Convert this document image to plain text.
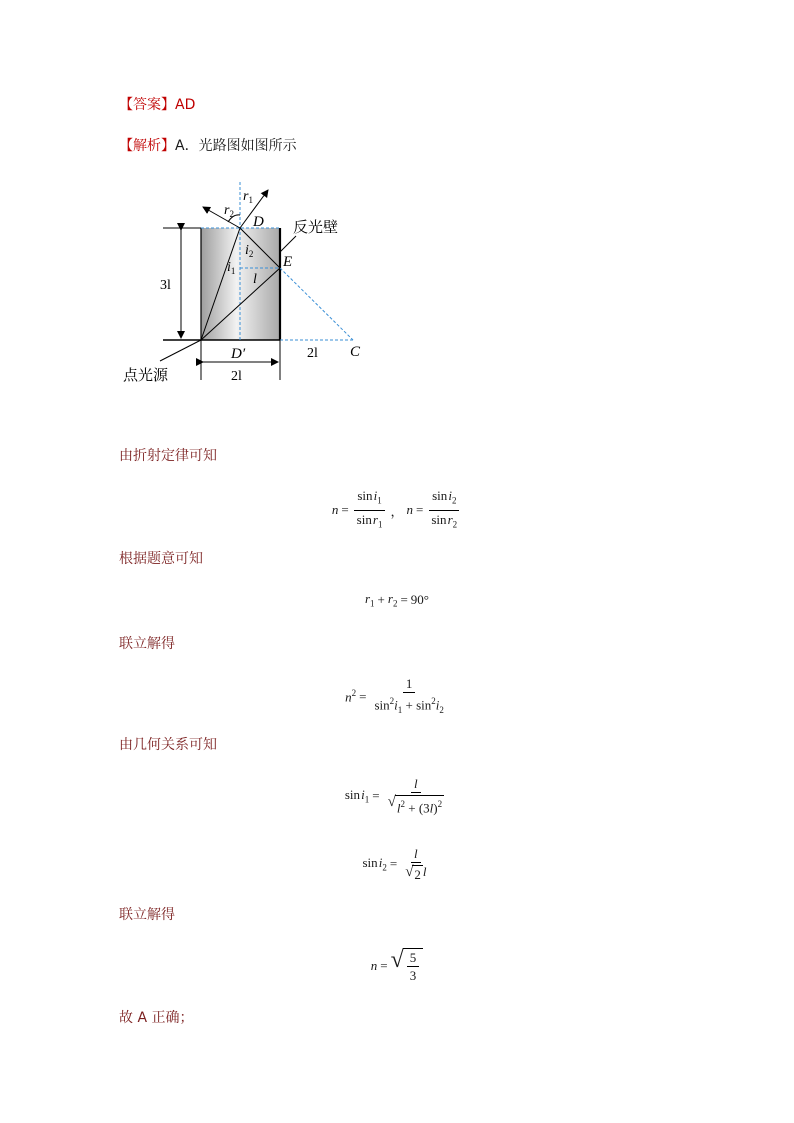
【答案】AD
【解析】A．光路图如图所示
$r_1$
$r_2$ D 反光壁
$i_2$
$i_1$
E
l
3l
D′	2l C
点光源	2l
由折射定律可知
$n = \frac{\sin i_1}{\sin r_1}$ ， $n = \frac{\sin i_2}{\sin r_2}$
根据题意可知
$r_1 + r_2 = 90^\circ$
联立解得
$n^2 = \frac{1}{\sin^2i_1 + \sin^2i_2}$
由几何关系可知
sin $i_1 = \frac{l}{√ l^2 + (3l)^2}$
sin $i_2 = \frac{l}{√ 2 l}$
联立解得
n = √ $\frac{5}{3}$
故 A 正确；
